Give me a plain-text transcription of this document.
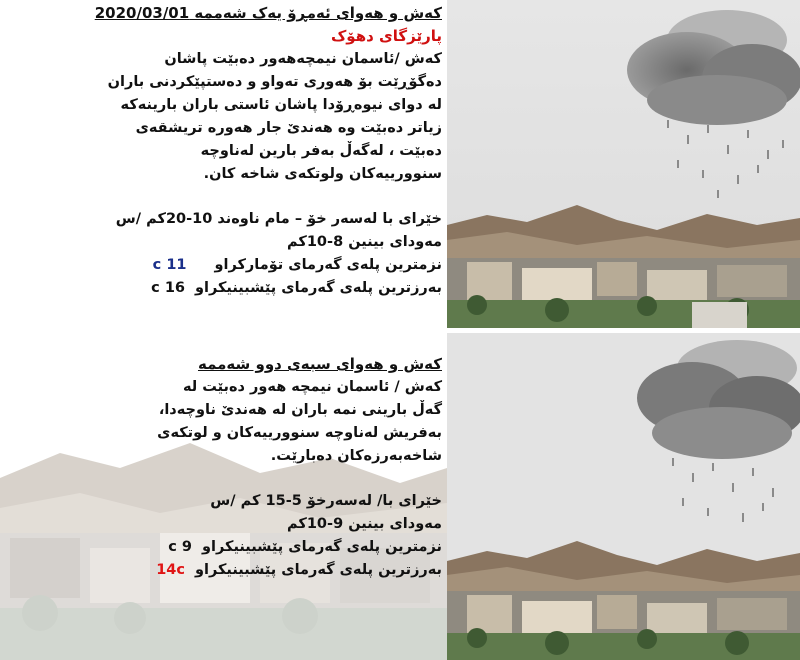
كەش و هەوای ئەمڕۆ یەک شەممە 2020/03/01
پارێزگای دهۆک

كەش /ئاسمان نیمچەهەور دەبێت پاشان دەگۆڕێت بۆ هەوری تەواو و دەستپێکردنی باران لە دوای نیوەڕۆدا پاشان ئاستی باران بارینەکە زیاتر دەبێت وە هەندێ جار هەورە تریشقەی دەبێت ، لەگەڵ بەفر بارین لەناوچە سنوورییەکان ولوتکەی شاخە کان.

خێرای با لەسەر خۆ – مام ناوەند 10-20کم /س
مەودای بینین 8-10کم
نزمترین پلەی گەرمای تۆمارکراو
11 c
بەرزترین پلەی گەرمای پێشبینیکراو
16 c
کەش و هەوای سبەی دوو شەممە

كەش / ئاسمان نیمچە هەور دەبێت لە گەڵ بارینی نمە باران لە هەندێ ناوچەدا، بەفریش لەناوچە سنوورییەکان و لوتکەی شاخەبەرزەکان دەبارێت.

خێرای با/ لەسەرخۆ 5-15 کم /س
مەودای بینین 9-10کم
نزمترین پلەی گەرمای پێشبینیکراو
9 c
بەرزترین پلەی گەرمای پێشبینیکراو
14c
